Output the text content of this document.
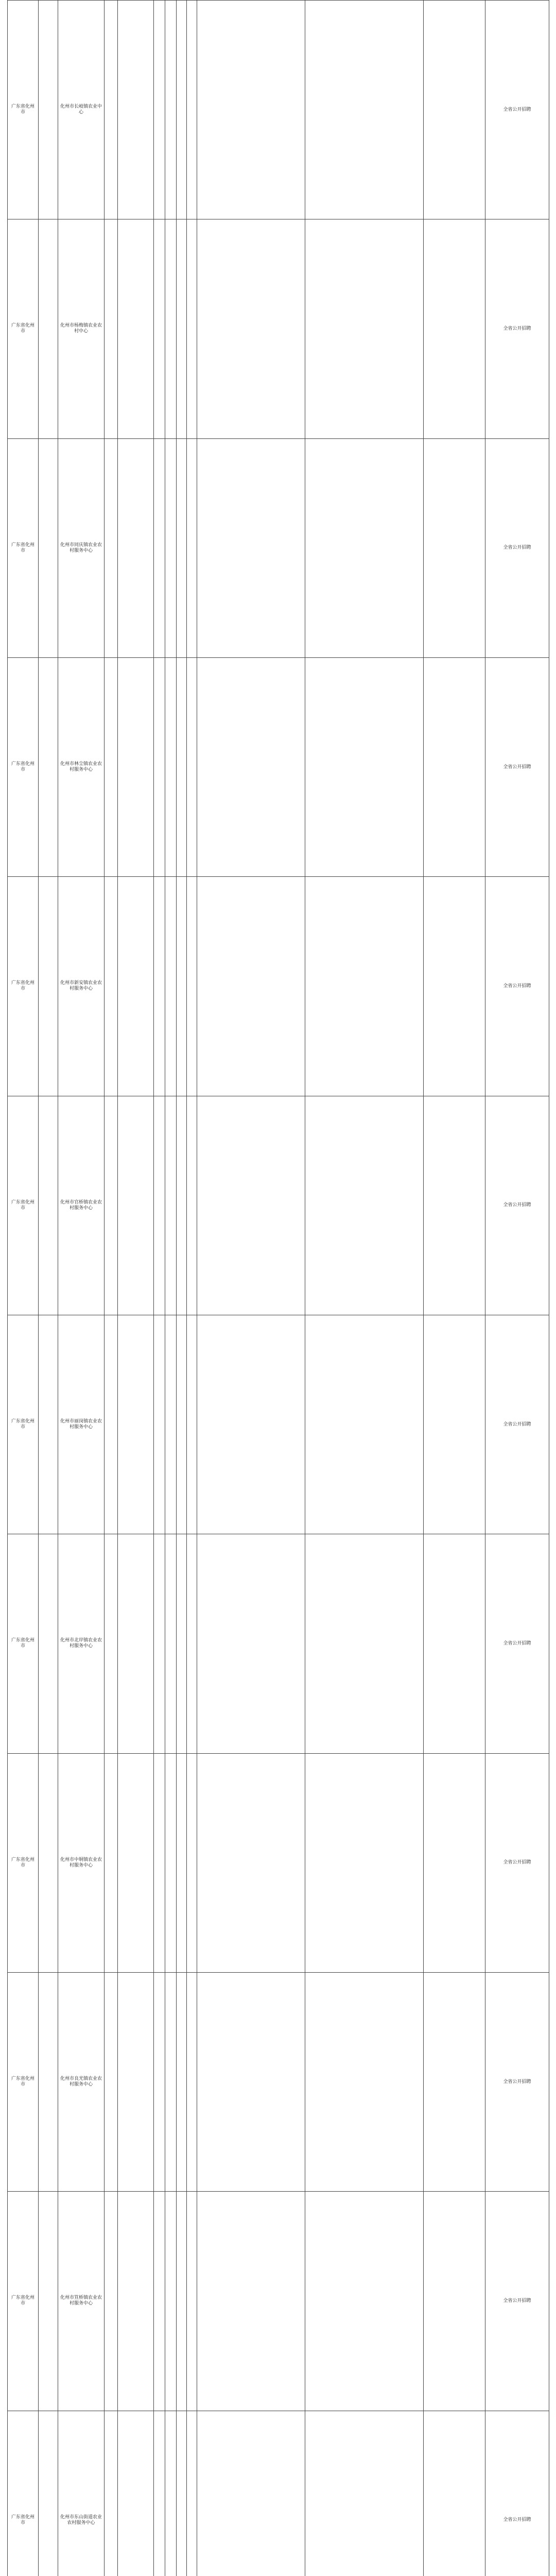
广东省化州市		化州市长岐镇农业中心										全省公开招聘
广东省化州市		化州市杨梅镇农业农村中心										全省公开招聘
广东省化州市		化州市同庆镇农业农村服务中心										全省公开招聘
广东省化州市		化州市林尘镇农业农村服务中心										全省公开招聘
广东省化州市		化州市新安镇农业农村服务中心										全省公开招聘
广东省化州市		化州市官桥镇农业农村服务中心										全省公开招聘
广东省化州市		化州市丽岗镇农业农村服务中心										全省公开招聘
广东省化州市		化州市北岸镇农业农村服务中心										全省公开招聘
广东省化州市		化州市中垌镇农业农村服务中心										全省公开招聘
广东省化州市		化州市良光镇农业农村服务中心										全省公开招聘
广东省化州市		化州市笪桥镇农业农村服务中心										全省公开招聘
广东省化州市		化州市东山街道农业农村服务中心										全省公开招聘
